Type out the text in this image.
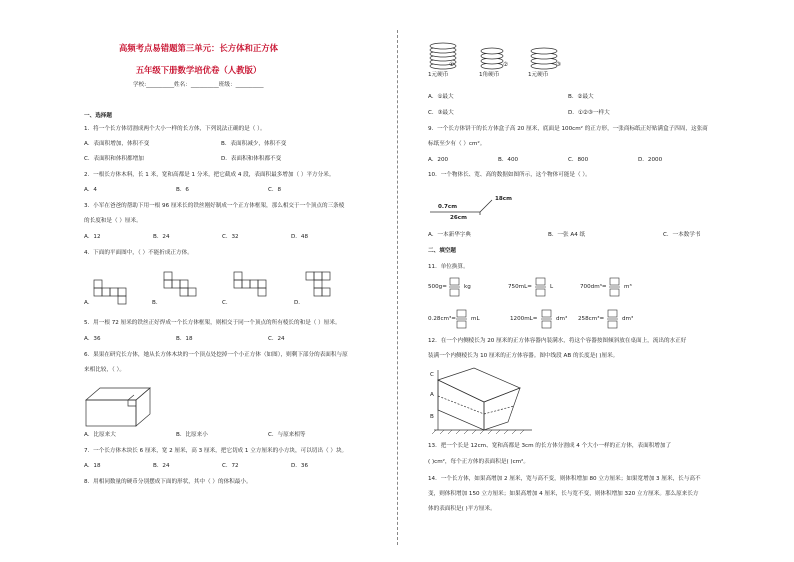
高频考点易错题第三单元：长方体和正方体
五年级下册数学培优卷（人教版）
学校:__________姓名：__________班级：__________
一、选择题
1．将一个长方体切割成两个大小一样的长方体，下列说法正确的是（ ）。
A．表面积增加，体积不变	B．表面积减少，体积不变
C．表面积和体积都增加	D．表面积和体积都不变
2．一根长方体木料，长 1 米，宽和高都是 1 分米，把它截成 4 段，表面积最多增加（ ）平方分米。
A．4	B．6	C．8
3．小军在爸爸的帮助下用一根 96 厘米长的铁丝刚好制成一个正方体框架，那么相交于一个顶点的三条棱
的长度和是（ ）厘米。
A．12	B．24	C．32	D．48
4．下面的平面图中，（ ）不能折成正方体。
A．	B．	C．	D．
5．用一根 72 厘米的铁丝正好焊成一个长方体框架，则相交于同一个顶点的所有棱长的和是（ ）厘米。
A．36	B．18	C．24
6．果果在研究长方体，她从长方体木块的一个顶点处挖掉一个小正方体（如图），则剩下部分的表面积与原
来相比较，（ ）。
A．比原来大	B．比原来小	C．与原来相等
7．一个长方体木块长 6 厘米，宽 2 厘米，高 3 厘米，把它切成 1 立方厘米的小方块，可以切出（ ）块。
A．18	B．24	C．72	D．36
8．用相同数量的硬币分别摆成下面的形状，其中（ ）的体积最小。
1元硬币
①
1角硬币
②
1元硬币
③
A．①最大	B．②最大
C．③最大	D．①②③一样大
9．一个长方体饼干的长方体盒子高 20 厘米，底面是 100cm² 的正方形，一张商标纸正好贴满盒子四周，这张商
标纸至少有（ ）cm²。
A．200	B．400	C．800	D．2000
10．一个物体长、宽、高的数据如图所示，这个物体可能是（ ）。
18cm
0.7cm
26cm
A．一本新华字典	B．一张 A4 纸	C．一本数学书
二、填空题
11．单位换算。
500g=	kg	750mL=	L	700dm³=	m³
0.28cm³=	mL	1200mL=	dm³ 258cm³=	dm³
12．在一个内侧棱长为 20 厘米的正方体容器内装满水，将这个容器按图倾斜放在桌面上，流出的水正好
装满一个内侧棱长为 10 厘米的正方体容器。图中线段 AB 的长度是( )厘米。
C
A
B
13．把一个长是 12cm、宽和高都是 3cm 的长方体分割成 4 个大小一样的正方体，表面积增加了
( )cm²，每个正方体的表面积是( )cm²。
14．一个长方体，如果高增加 2 厘米，宽与高不变，则体积增加 80 立方厘米；如果宽增加 3 厘米，长与高不
变，则体积增加 150 立方厘米；如果高增加 4 厘米，长与宽不变，则体积增加 320 立方厘米。那么原来长方
体的表面积是( )平方厘米。
